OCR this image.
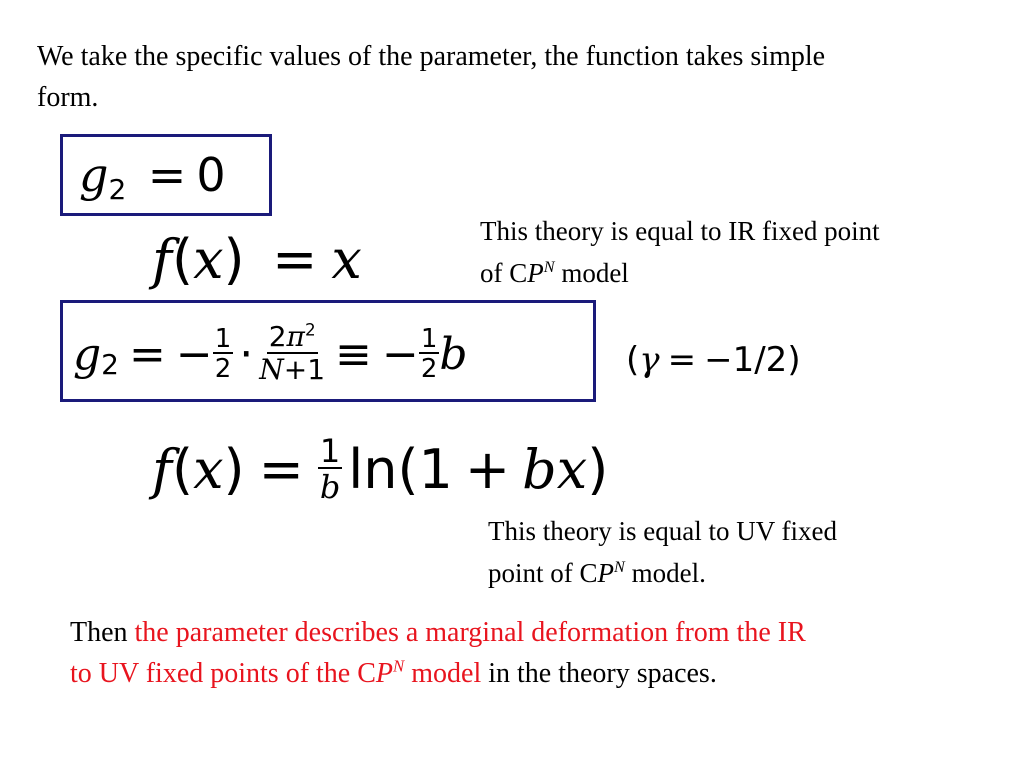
We take the specific values of the parameter, the function takes simple
form.
g2 = 0
f(x) = x	This theory is equal to IR fixed point
of $CP^N$ model
g 2 = − $\frac{1}{2} \cdot \frac{2\pi^2}{N+1}$ ≡ − $\frac{1}{2}$ b	(γ = −1/2)
f ( x ) = $\frac{1}{b}$ ln ( 1 + b x )
This theory is equal to UV fixed
point of $CP^N$ model.
Then the parameter describes a marginal deformation from the IR
to UV fixed points of the $CP^N$ model in the theory spaces.
